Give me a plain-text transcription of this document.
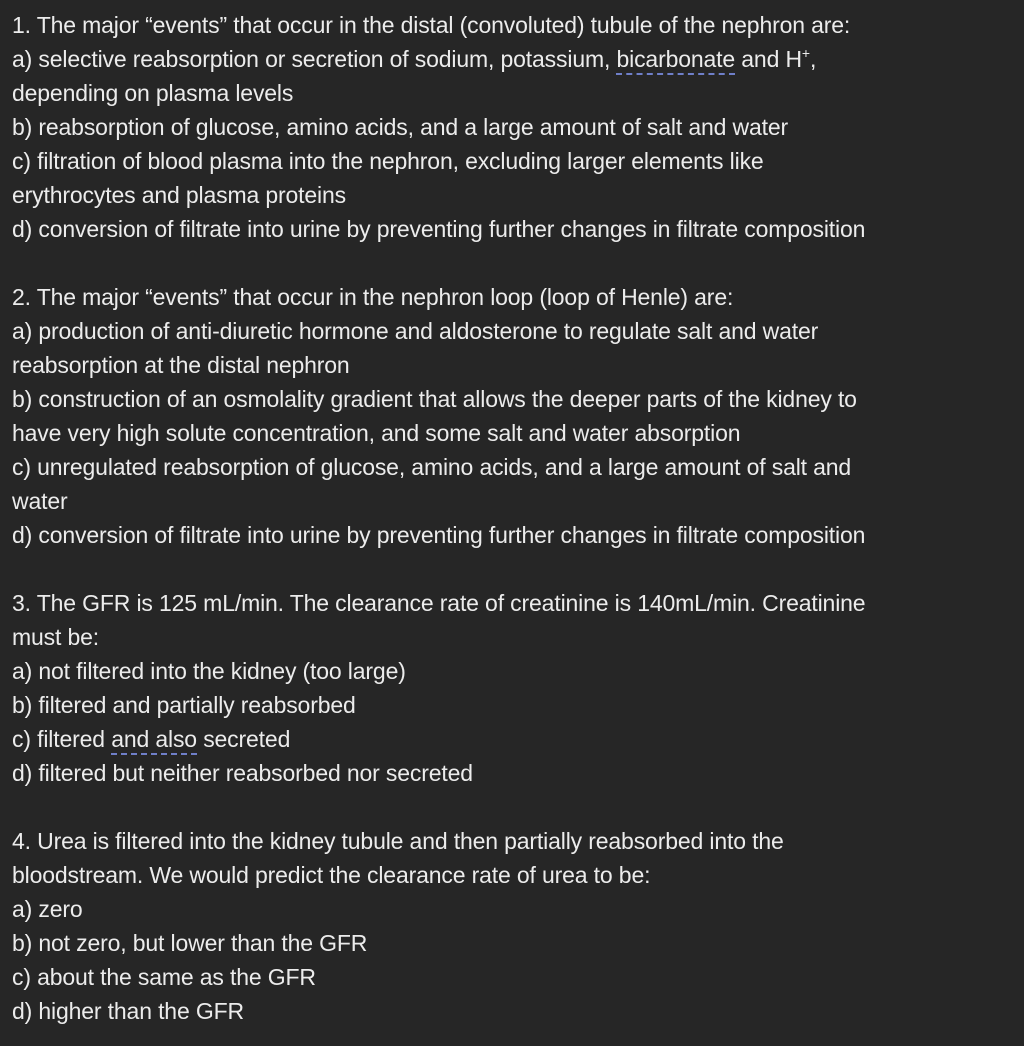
1. The major “events” that occur in the distal (convoluted) tubule of the nephron are:
a) selective reabsorption or secretion of sodium, potassium, bicarbonate and H+,
depending on plasma levels
b) reabsorption of glucose, amino acids, and a large amount of salt and water
c) filtration of blood plasma into the nephron, excluding larger elements like
erythrocytes and plasma proteins
d) conversion of filtrate into urine by preventing further changes in filtrate composition
2. The major “events” that occur in the nephron loop (loop of Henle) are:
a) production of anti-diuretic hormone and aldosterone to regulate salt and water
reabsorption at the distal nephron
b) construction of an osmolality gradient that allows the deeper parts of the kidney to
have very high solute concentration, and some salt and water absorption
c) unregulated reabsorption of glucose, amino acids, and a large amount of salt and
water
d) conversion of filtrate into urine by preventing further changes in filtrate composition
3. The GFR is 125 mL/min. The clearance rate of creatinine is 140mL/min. Creatinine
must be:
a) not filtered into the kidney (too large)
b) filtered and partially reabsorbed
c) filtered and also secreted
d) filtered but neither reabsorbed nor secreted
4. Urea is filtered into the kidney tubule and then partially reabsorbed into the
bloodstream. We would predict the clearance rate of urea to be:
a) zero
b) not zero, but lower than the GFR
c) about the same as the GFR
d) higher than the GFR
